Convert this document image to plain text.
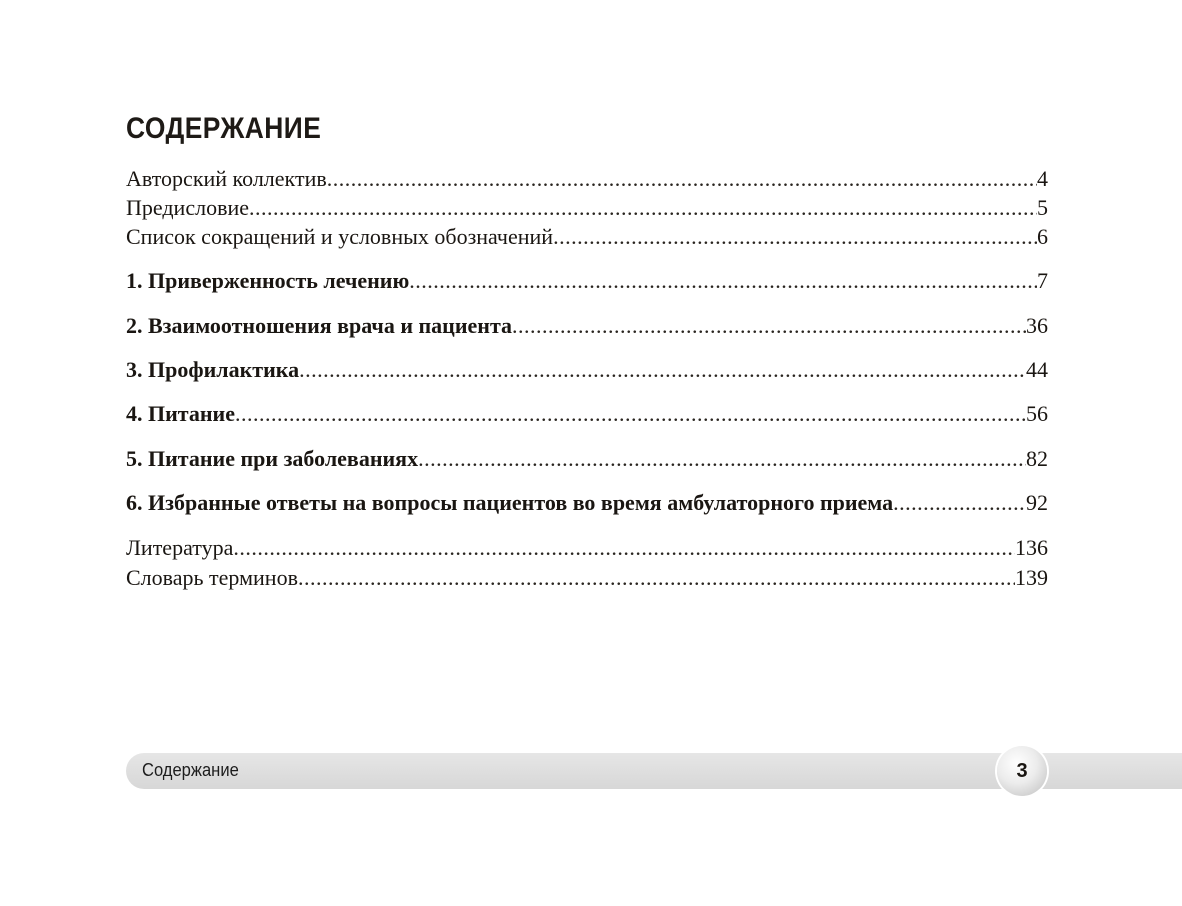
СОДЕРЖАНИЕ
Авторский коллектив .....	4
Предисловие .....	5
Список сокращений и условных обозначений .....	6
1. Приверженность лечению .....	7
2. Взаимоотношения врача и пациента .....	36
3. Профилактика .....	44
4. Питание .....	56
5. Питание при заболеваниях .....	82
6. Избранные ответы на вопросы пациентов во время амбулаторного приема .....	92
Литература .....	136
Словарь терминов .....	139
Содержание	3
